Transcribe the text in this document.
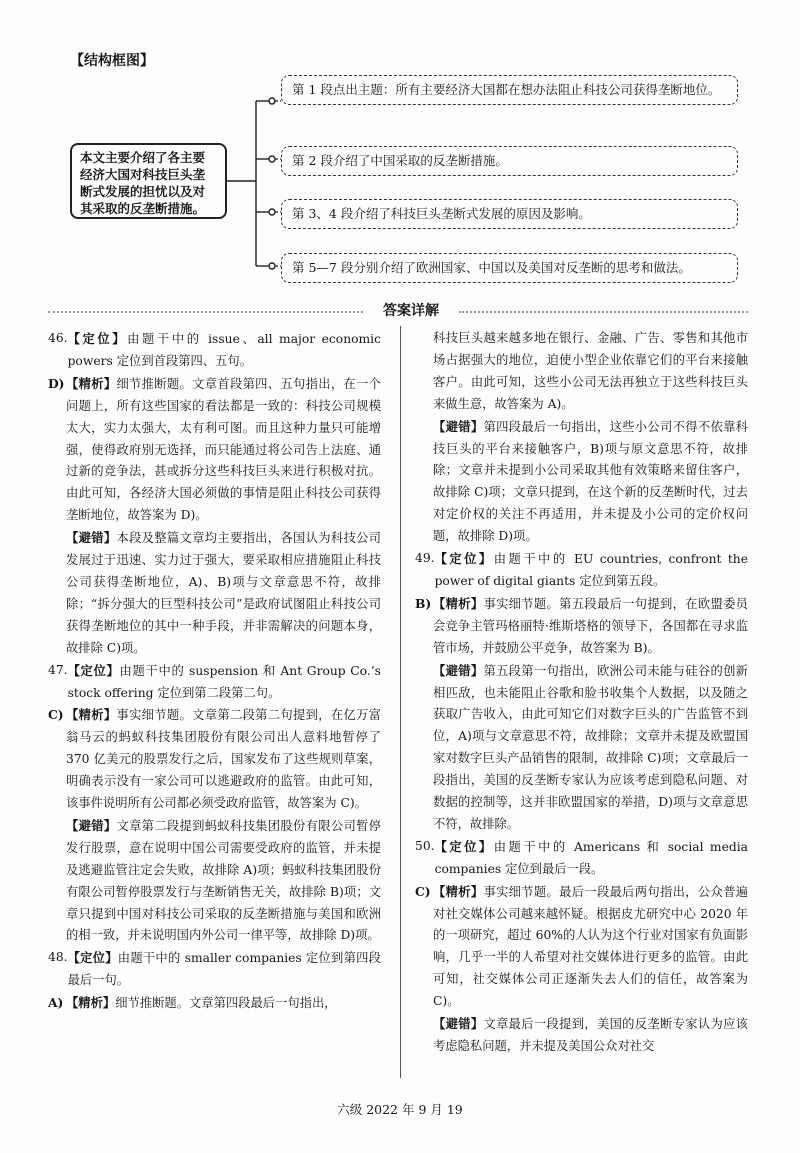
【结构框图】
本文主要介绍了各主要经济大国对科技巨头垄断式发展的担忧以及对其采取的反垄断措施。
第 1 段点出主题：所有主要经济大国都在想办法阻止科技公司获得垄断地位。
第 2 段介绍了中国采取的反垄断措施。
第 3、4 段介绍了科技巨头垄断式发展的原因及影响。
第 5—7 段分别介绍了欧洲国家、中国以及美国对反垄断的思考和做法。
答案详解
46. 【定位】由题干中的 issue、all major economic powers 定位到首段第四、五句。
D) 【精析】细节推断题。文章首段第四、五句指出，在一个问题上，所有这些国家的看法都是一致的：科技公司规模太大，实力太强大，太有利可图。而且这种力量只可能增强，使得政府别无选择，而只能通过将公司告上法庭、通过新的竞争法，甚或拆分这些科技巨头来进行积极对抗。由此可知，各经济大国必须做的事情是阻止科技公司获得垄断地位，故答案为 D)。

【避错】本段及整篇文章均主要指出，各国认为科技公司发展过于迅速、实力过于强大，要采取相应措施阻止科技公司获得垄断地位，A)、B)项与文章意思不符，故排除；“拆分强大的巨型科技公司”是政府试图阻止科技公司获得垄断地位的其中一种手段，并非需解决的问题本身，故排除 C)项。

47. 【定位】由题干中的 suspension 和 Ant Group Co.’s stock offering 定位到第二段第二句。
C) 【精析】事实细节题。文章第二段第二句提到，在亿万富翁马云的蚂蚁科技集团股份有限公司出人意料地暂停了 370 亿美元的股票发行之后，国家发布了这些规则草案，明确表示没有一家公司可以逃避政府的监管。由此可知，该事件说明所有公司都必须受政府监管，故答案为 C)。

【避错】文章第二段提到蚂蚁科技集团股份有限公司暂停发行股票，意在说明中国公司需要受政府的监管，并未提及逃避监管注定会失败，故排除 A)项；蚂蚁科技集团股份有限公司暂停股票发行与垄断销售无关，故排除 B)项；文章只提到中国对科技公司采取的反垄断措施与美国和欧洲的相一致，并未说明国内外公司一律平等，故排除 D)项。

48. 【定位】由题干中的 smaller companies 定位到第四段最后一句。
A) 【精析】细节推断题。文章第四段最后一句指出，

科技巨头越来越多地在银行、金融、广告、零售和其他市场占据强大的地位，迫使小型企业依靠它们的平台来接触客户。由此可知，这些小公司无法再独立于这些科技巨头来做生意，故答案为 A)。

【避错】第四段最后一句指出，这些小公司不得不依靠科技巨头的平台来接触客户，B)项与原文意思不符，故排除；文章并未提到小公司采取其他有效策略来留住客户，故排除 C)项；文章只提到，在这个新的反垄断时代，过去对定价权的关注不再适用，并未提及小公司的定价权问题，故排除 D)项。

49. 【定位】由题干中的 EU countries, confront the power of digital giants 定位到第五段。
B) 【精析】事实细节题。第五段最后一句提到，在欧盟委员会竞争主管玛格丽特·维斯塔格的领导下，各国都在寻求监管市场，并鼓励公平竞争，故答案为 B)。

【避错】第五段第一句指出，欧洲公司未能与硅谷的创新相匹敌，也未能阻止谷歌和脸书收集个人数据，以及随之获取广告收入，由此可知它们对数字巨头的广告监管不到位，A)项与文章意思不符，故排除；文章并未提及欧盟国家对数字巨头产品销售的限制，故排除 C)项；文章最后一段指出，美国的反垄断专家认为应该考虑到隐私问题、对数据的控制等，这并非欧盟国家的举措，D)项与文章意思不符，故排除。

50. 【定位】由题干中的 Americans 和 social media companies 定位到最后一段。
C) 【精析】事实细节题。最后一段最后两句指出，公众普遍对社交媒体公司越来越怀疑。根据皮尤研究中心 2020 年的一项研究，超过 60%的人认为这个行业对国家有负面影响，几乎一半的人希望对社交媒体进行更多的监管。由此可知，社交媒体公司正逐渐失去人们的信任，故答案为 C)。

【避错】文章最后一段提到，美国的反垄断专家认为应该考虑隐私问题，并未提及美国公众对社交

六级 2022 年 9 月 19
